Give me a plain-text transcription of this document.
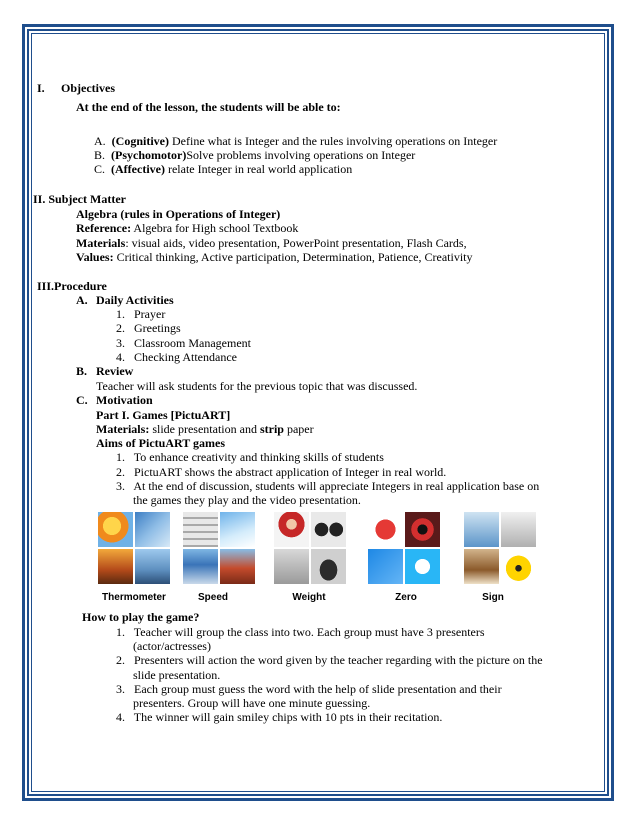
I. Objectives
At the end of the lesson, the students will be able to:
A. (Cognitive) Define what is Integer and the rules involving operations on Integer
B. (Psychomotor)Solve problems involving operations on Integer
C. (Affective) relate Integer in real world application
II. Subject Matter
Algebra (rules in Operations of Integer)
Reference: Algebra for High school Textbook
Materials: visual aids, video presentation, PowerPoint presentation, Flash Cards,
Values: Critical thinking, Active participation, Determination, Patience, Creativity
III.Procedure
A. Daily Activities
1.   Prayer
2.   Greetings
3.   Classroom Management
4.   Checking Attendance
B. Review
Teacher will ask students for the previous topic that was discussed.
C. Motivation
Part I. Games [PictuART]
Materials: slide presentation and strip paper
Aims of PictuART games
1.   To enhance creativity and thinking skills of students
2.   PictuART shows the abstract application of Integer in real world.
3.   At the end of discussion, students will appreciate Integers in real application base on
the games they play and the video presentation.
Thermometer	Speed	Weight	Zero	Sign
How to play the game?
1.   Teacher will group the class into two. Each group must have 3 presenters
(actor/actresses)
2.   Presenters will action the word given by the teacher regarding with the picture on the
slide presentation.
3.   Each group must guess the word with the help of slide presentation and their
presenters. Group will have one minute guessing.
4.   The winner will gain smiley chips with 10 pts in their recitation.
